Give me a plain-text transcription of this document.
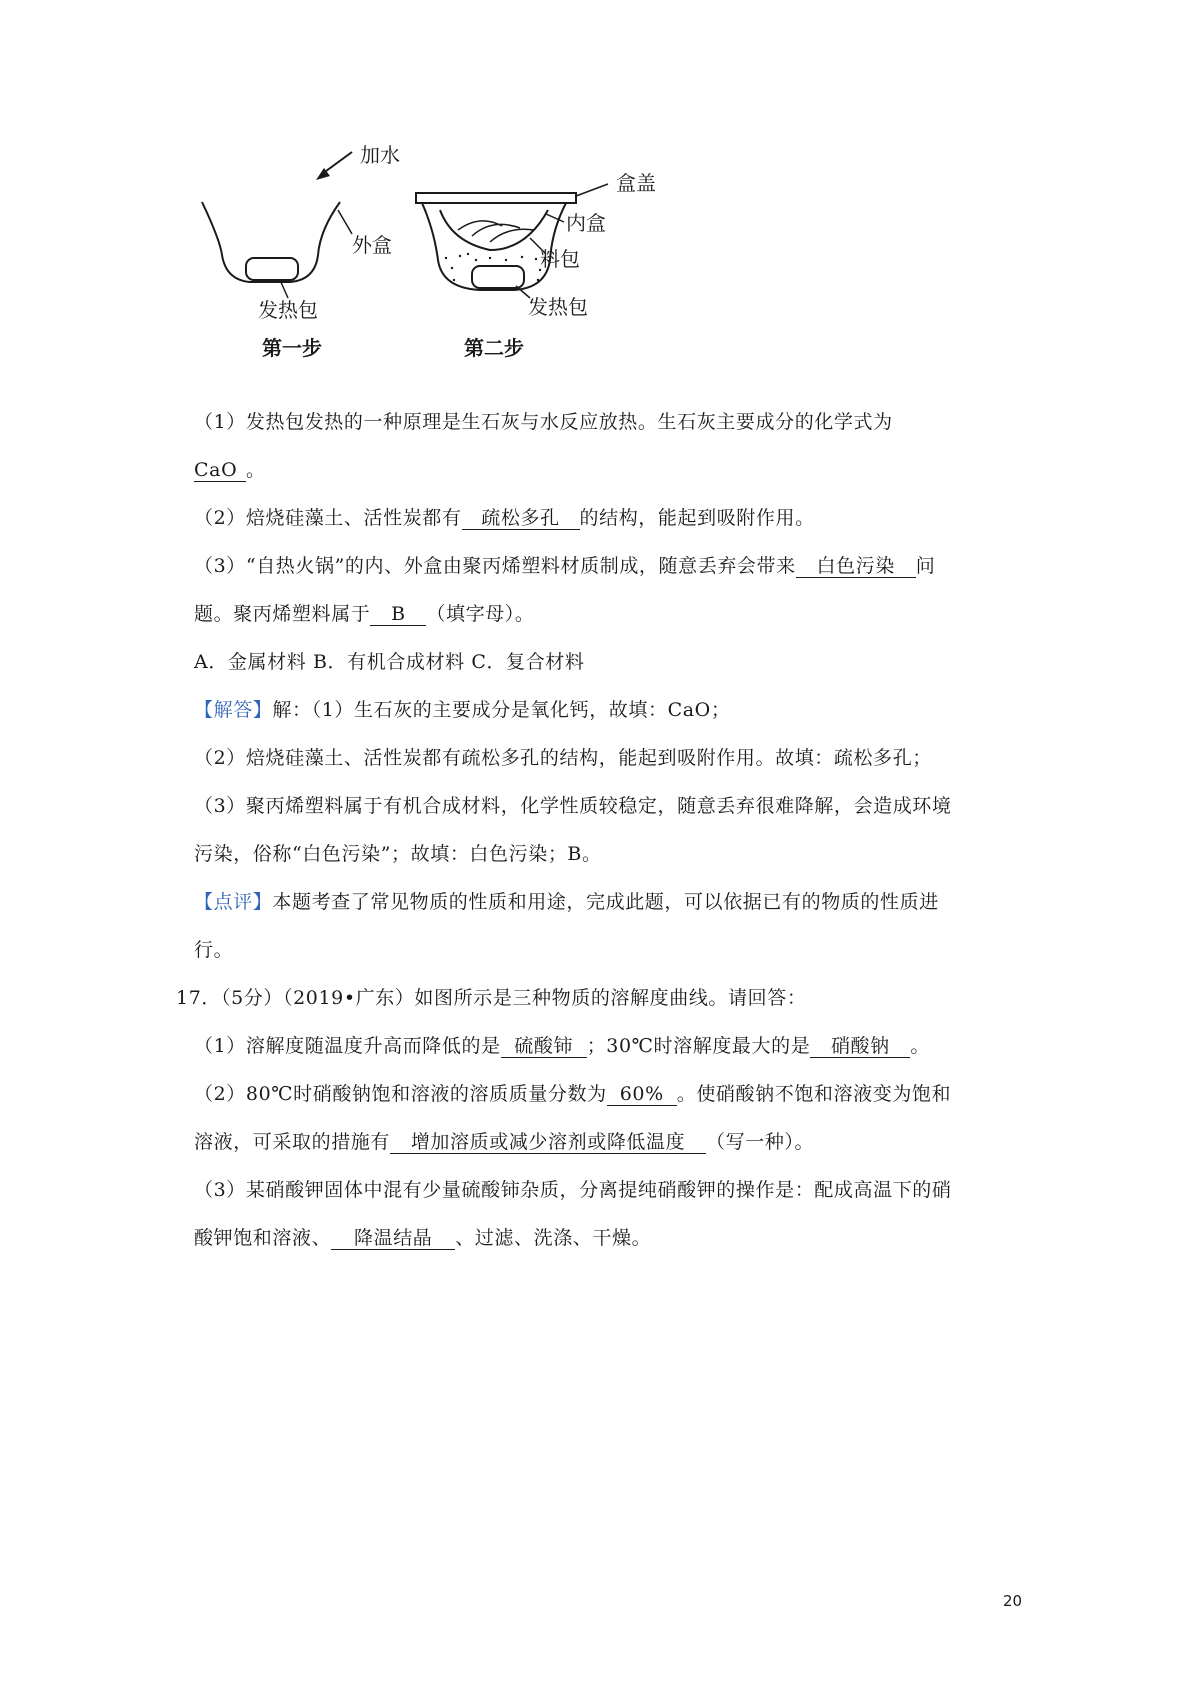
加水
外盒
发热包
第一步
盒盖
内盒
料包
发热包
第二步
（1）发热包发热的一种原理是生石灰与水反应放热。生石灰主要成分的化学式为
CaO 。
（2）焙烧硅藻土、活性炭都有 疏松多孔 的结构，能起到吸附作用。
（3）“自热火锅”的内、外盒由聚丙烯塑料材质制成，随意丢弃会带来 白色污染 问
题。聚丙烯塑料属于 B （填字母）。
A．金属材料 B．有机合成材料 C．复合材料
【解答】解：（1）生石灰的主要成分是氧化钙，故填：CaO；
（2）焙烧硅藻土、活性炭都有疏松多孔的结构，能起到吸附作用。故填：疏松多孔；
（3）聚丙烯塑料属于有机合成材料，化学性质较稳定，随意丢弃很难降解，会造成环境
污染，俗称“白色污染”；故填：白色污染；B。
【点评】本题考查了常见物质的性质和用途，完成此题，可以依据已有的物质的性质进
行。
17．（5分）（2019•广东）如图所示是三种物质的溶解度曲线。请回答：
（1）溶解度随温度升高而降低的是 硫酸铈 ；30℃时溶解度最大的是 硝酸钠 。
（2）80℃时硝酸钠饱和溶液的溶质质量分数为 60% 。使硝酸钠不饱和溶液变为饱和
溶液，可采取的措施有 增加溶质或减少溶剂或降低温度 （写一种）。
（3）某硝酸钾固体中混有少量硫酸铈杂质，分离提纯硝酸钾的操作是：配成高温下的硝
酸钾饱和溶液、 降温结晶 、过滤、洗涤、干燥。
20
